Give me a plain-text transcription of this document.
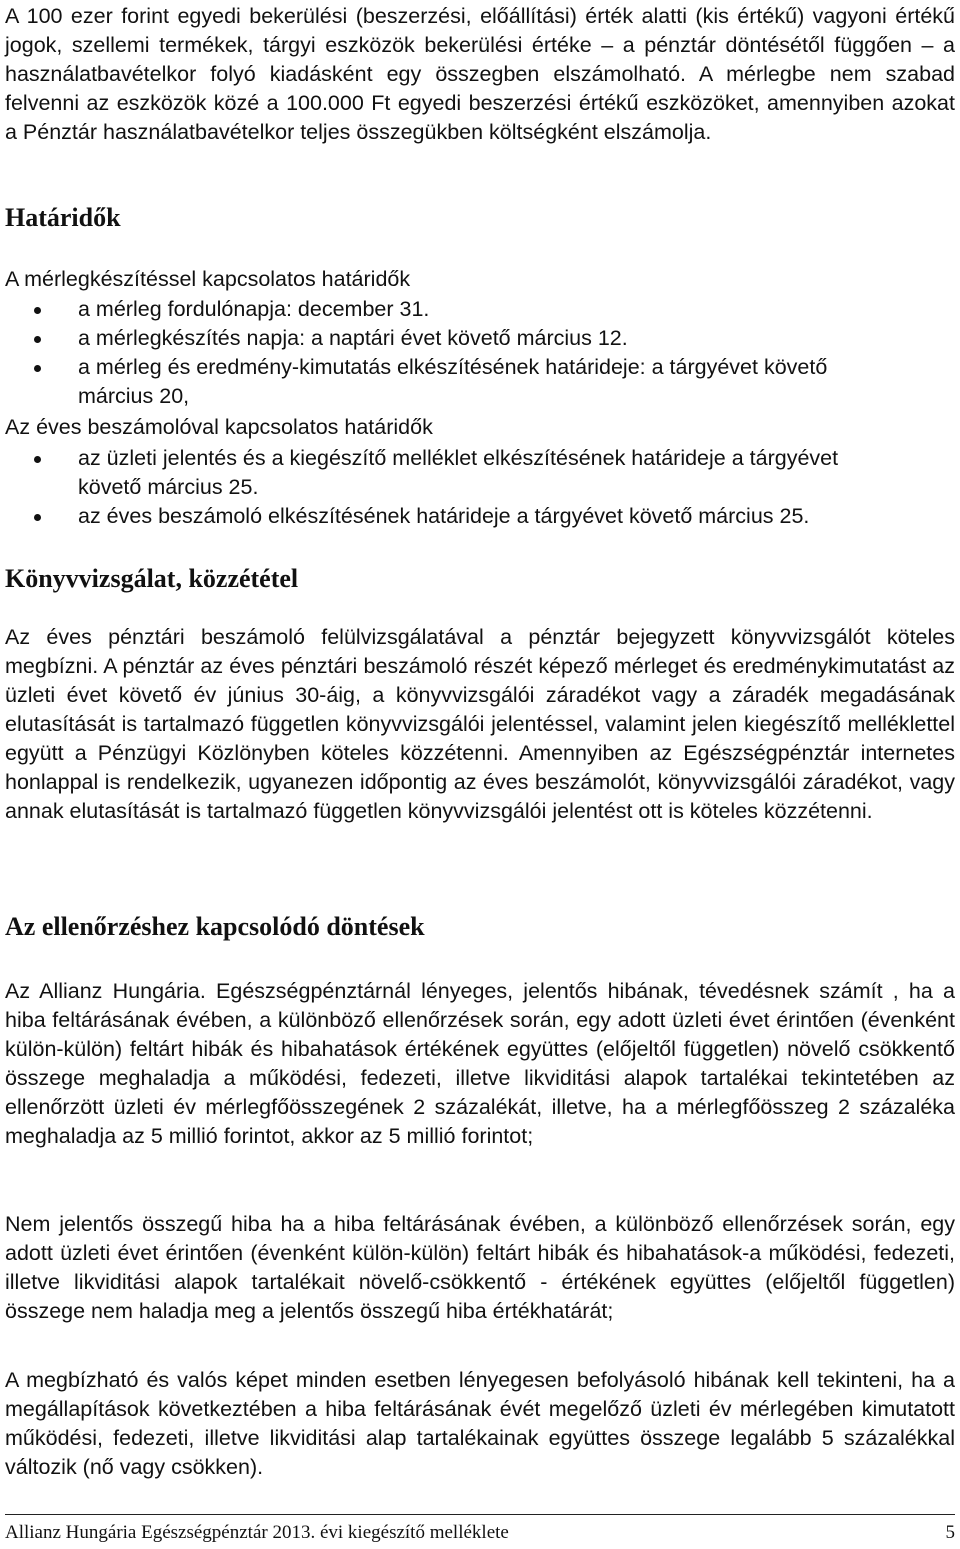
A 100 ezer forint egyedi bekerülési (beszerzési, előállítási) érték alatti (kis értékű) vagyoni értékű jogok, szellemi termékek, tárgyi eszközök bekerülési értéke – a pénztár döntésétől függően – a használatbavételkor folyó kiadásként egy összegben elszámolható. A mérlegbe nem szabad felvenni az eszközök közé a 100.000 Ft egyedi beszerzési értékű eszközöket, amennyiben azokat a Pénztár használatbavételkor teljes összegükben költségként elszámolja.

Határidők

A mérlegkészítéssel kapcsolatos határidők

a mérleg fordulónapja: december 31.
a mérlegkészítés napja: a naptári évet követő március 12.
a mérleg és eredmény-kimutatás elkészítésének határideje: a tárgyévet követő március 20,

Az éves beszámolóval kapcsolatos határidők

az üzleti jelentés és a kiegészítő melléklet elkészítésének határideje a tárgyévet követő március 25.
az éves beszámoló elkészítésének határideje a tárgyévet követő március 25.
Könyvvizsgálat, közzététel

Az éves pénztári beszámoló felülvizsgálatával a pénztár bejegyzett könyvvizsgálót köteles megbízni. A pénztár az éves pénztári beszámoló részét képező mérleget és eredménykimutatást az üzleti évet követő év június 30-áig, a könyvvizsgálói záradékot vagy a záradék megadásának elutasítását is tartalmazó független könyvvizsgálói jelentéssel, valamint jelen kiegészítő melléklettel együtt a Pénzügyi Közlönyben köteles közzétenni. Amennyiben az Egészségpénztár internetes honlappal is rendelkezik, ugyanezen időpontig az éves beszámolót, könyvvizsgálói záradékot, vagy annak elutasítását is tartalmazó független könyvvizsgálói jelentést ott is köteles közzétenni.

Az ellenőrzéshez kapcsolódó döntések

Az Allianz Hungária. Egészségpénztárnál lényeges, jelentős hibának, tévedésnek számít , ha a hiba feltárásának évében, a különböző ellenőrzések során, egy adott üzleti évet érintően (évenként külön-külön) feltárt hibák és hibahatások értékének együttes (előjeltől független) növelő csökkentő összege meghaladja a működési, fedezeti, illetve likviditási alapok tartalékai tekintetében az ellenőrzött üzleti év mérlegfőösszegének 2 százalékát, illetve, ha a mérlegfőösszeg 2 százaléka meghaladja az 5 millió forintot, akkor az 5 millió forintot;

Nem jelentős összegű hiba ha a hiba feltárásának évében, a különböző ellenőrzések során, egy adott üzleti évet érintően (évenként külön-külön) feltárt hibák és hibahatások-a működési, fedezeti, illetve likviditási alapok tartalékait növelő-csökkentő - értékének együttes (előjeltől független) összege nem haladja meg a jelentős összegű hiba értékhatárát;

A megbízható és valós képet minden esetben lényegesen befolyásoló hibának kell tekinteni, ha a megállapítások következtében a hiba feltárásának évét megelőző üzleti év mérlegében kimutatott működési, fedezeti, illetve likviditási alap tartalékainak együttes összege legalább 5 százalékkal változik (nő vagy csökken).

Allianz Hungária Egészségpénztár 2013. évi kiegészítő melléklete	5
